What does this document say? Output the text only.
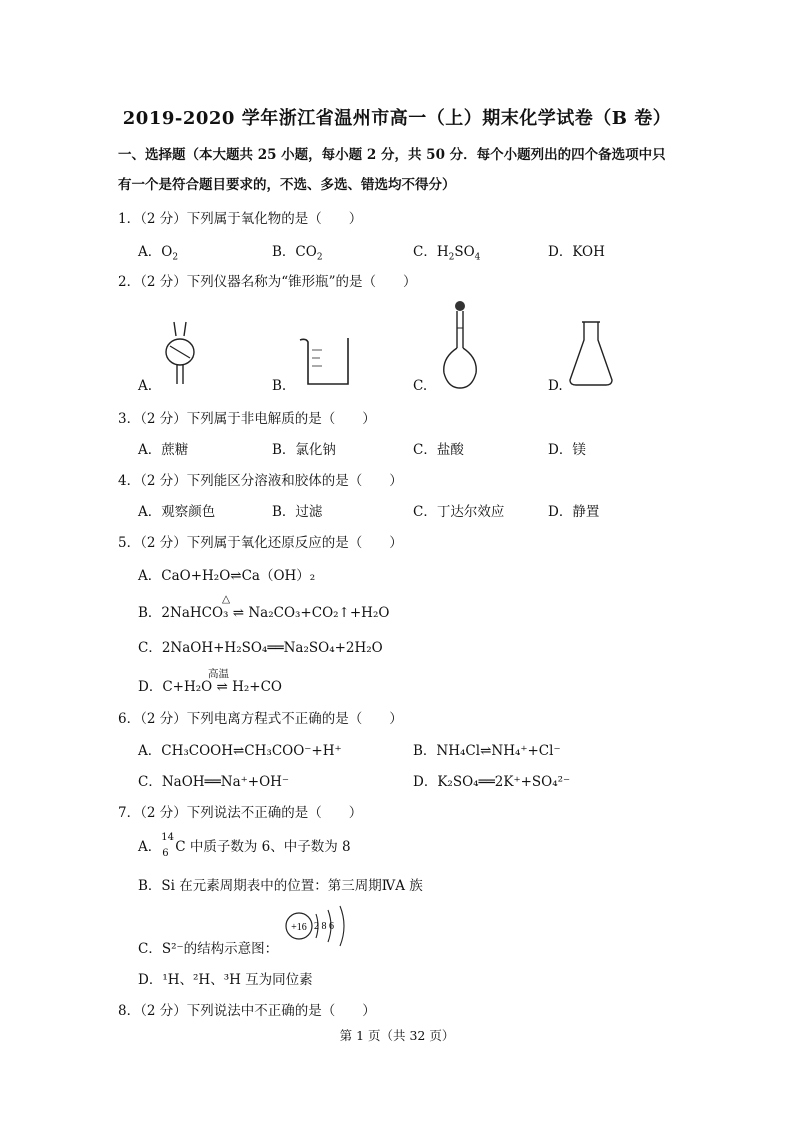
2019-2020 学年浙江省温州市高一（上）期末化学试卷（B 卷）
一、选择题（本大题共 25 小题，每小题 2 分，共 50 分．每个小题列出的四个备选项中只
有一个是符合题目要求的，不选、多选、错选均不得分）
1．（2 分）下列属于氧化物的是（　　）
A．$O_2$	B．$CO_2$	C．$H_2SO_4$	D．KOH
2．（2 分）下列仪器名称为“锥形瓶”的是（　　）
A.	B.	C.	D.
3．（2 分）下列属于非电解质的是（　　）
A．蔗糖	B．氯化钠	C．盐酸	D．镁
4．（2 分）下列能区分溶液和胶体的是（　　）
A．观察颜色	B．过滤	C．丁达尔效应	D．静置
5．（2 分）下列属于氧化还原反应的是（　　）
A．CaO+H₂O⇌Ca（OH）₂
△
B．2NaHCO₃ ⇌ Na₂CO₃+CO₂↑+H₂O
C．2NaOH+H₂SO₄══Na₂SO₄+2H₂O
高温
D．C+H₂O ⇌ H₂+CO
6．（2 分）下列电离方程式不正确的是（　　）
A．CH₃COOH⇌CH₃COO⁻+H⁺	B．NH₄Cl⇌NH₄⁺+Cl⁻
C．NaOH══Na⁺+OH⁻	D．K₂SO₄══2K⁺+SO₄²⁻
7．（2 分）下列说法不正确的是（　　）
A．
14
6 C 中质子数为 6、中子数为 8
B．Si 在元素周期表中的位置：第三周期ⅣA 族
C．S²⁻的结构示意图：
+16 2 8 6
D．¹H、²H、³H 互为同位素
8．（2 分）下列说法中不正确的是（　　）
第 1 页（共 32 页）
